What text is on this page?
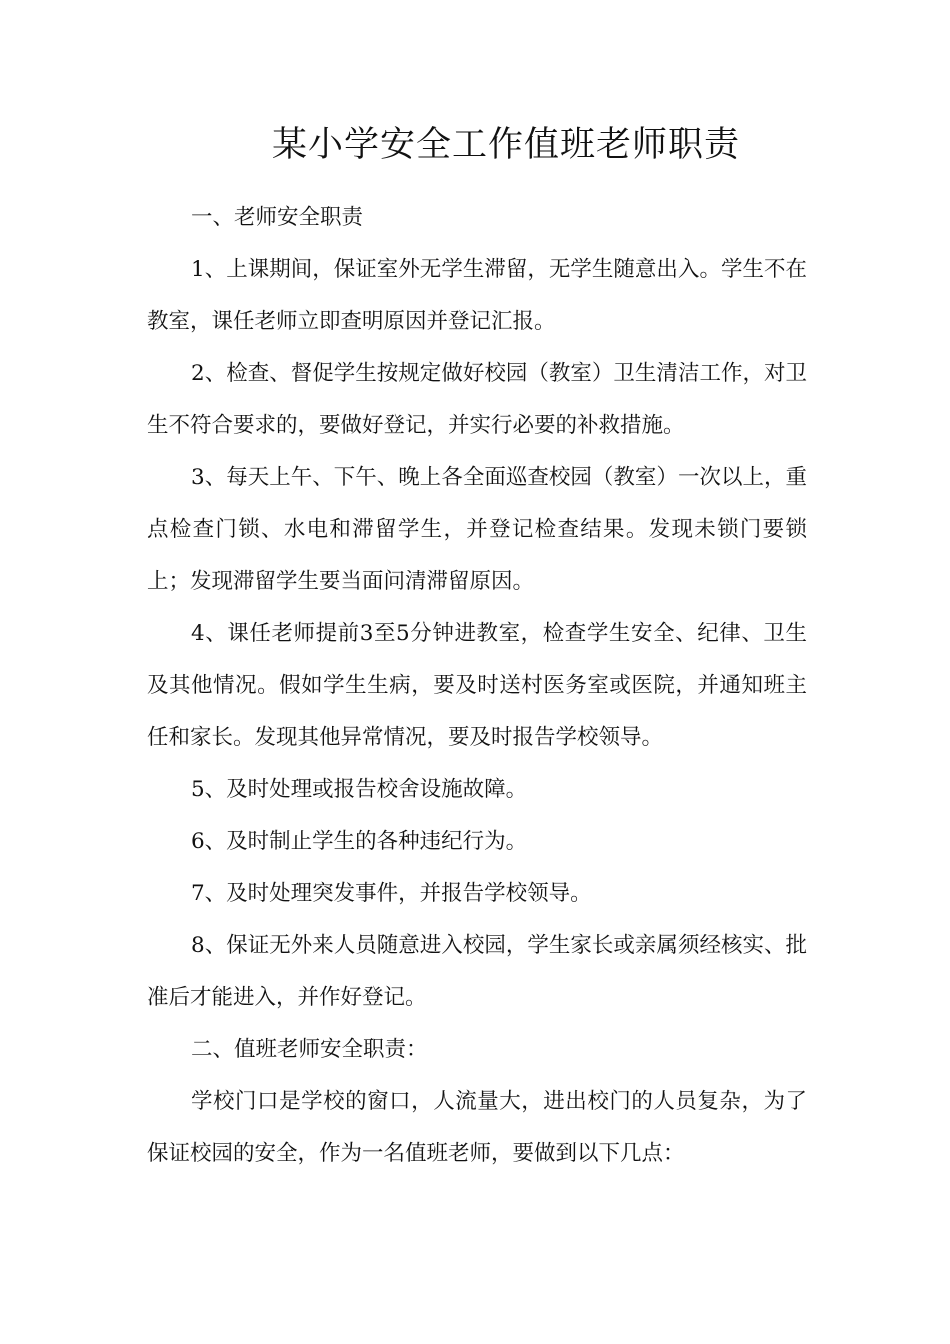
某小学安全工作值班老师职责

一、老师安全职责

1、上课期间，保证室外无学生滞留，无学生随意出入。学生不在教室，课任老师立即查明原因并登记汇报。

2、检查、督促学生按规定做好校园（教室）卫生清洁工作，对卫生不符合要求的，要做好登记，并实行必要的补救措施。

3、每天上午、下午、晚上各全面巡查校园（教室）一次以上，重点检查门锁、水电和滞留学生，并登记检查结果。发现未锁门要锁上；发现滞留学生要当面问清滞留原因。

4、课任老师提前3至5分钟进教室，检查学生安全、纪律、卫生及其他情况。假如学生生病，要及时送村医务室或医院，并通知班主任和家长。发现其他异常情况，要及时报告学校领导。

5、及时处理或报告校舍设施故障。

6、及时制止学生的各种违纪行为。

7、及时处理突发事件，并报告学校领导。

8、保证无外来人员随意进入校园，学生家长或亲属须经核实、批准后才能进入，并作好登记。

二、值班老师安全职责：

学校门口是学校的窗口，人流量大，进出校门的人员复杂，为了保证校园的安全，作为一名值班老师，要做到以下几点：
